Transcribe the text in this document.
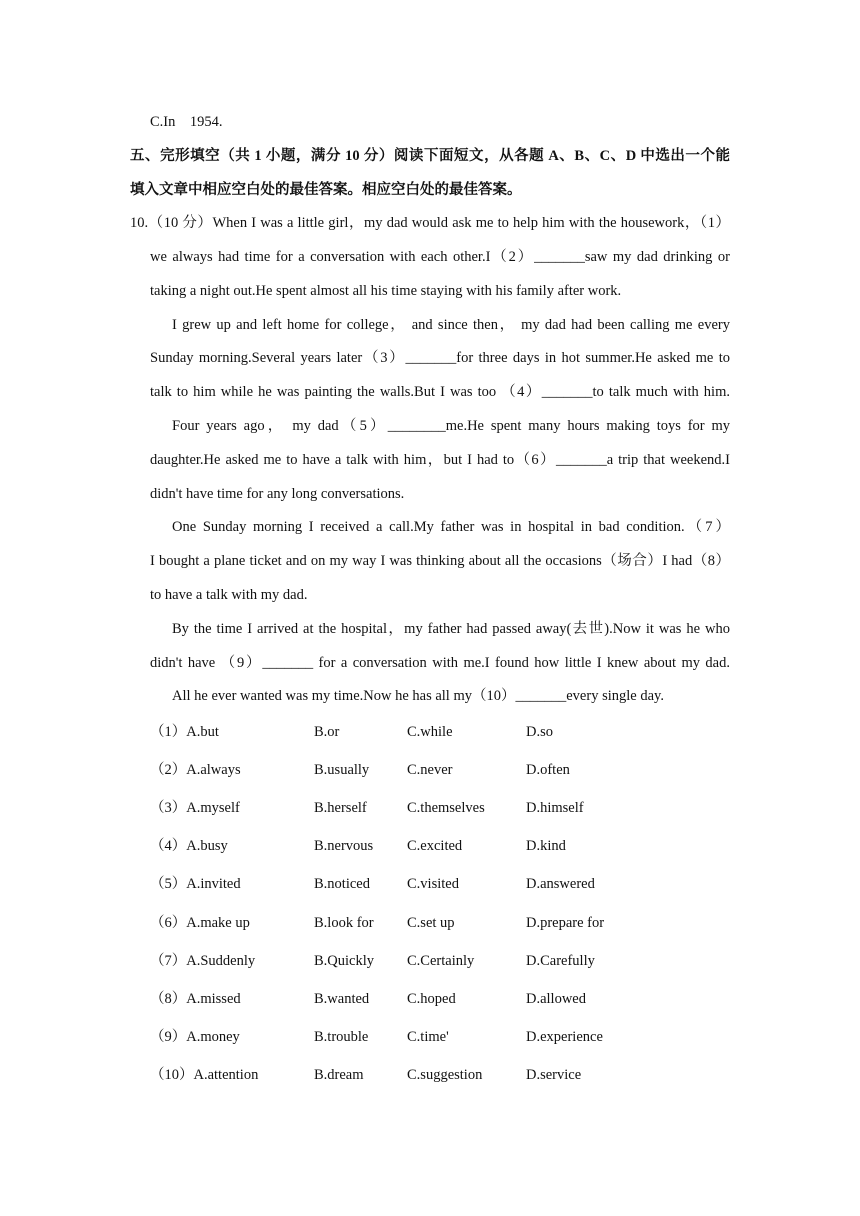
C.In    1954.
五、完形填空（共 1 小题，满分 10 分）阅读下面短文，从各题 A、B、C、D 中选出一个能
填入文章中相应空白处的最佳答案。相应空白处的最佳答案。
10.（10 分）When I was a little girl，my dad would ask me to help him with the housework，（1）
we always had time for a conversation with each other.I（2）_______saw my dad drinking or
taking a night out.He spent almost all his time staying with his family after work.
I grew up and left home for college， and since then， my dad had been calling me every
Sunday morning.Several years later（3）_______for three days in hot summer.He asked me to
talk to him while he was painting the walls.But I was too （4）_______to talk much with him.
Four years ago， my dad（5）________me.He spent many hours making toys for my
daughter.He asked me to have a talk with him，but I had to（6）_______a trip that weekend.I
didn't have time for any long conversations.
One Sunday morning I received a call.My father was in hospital in bad condition.（7）
I bought a plane ticket and on my way I was thinking about all the occasions（场合）I had（8）
to have a talk with my dad.
By the time I arrived at the hospital，my father had passed away(去世).Now it was he who
didn't have （9）_______ for a conversation with me.I found how little I knew about my dad.
All he ever wanted was my time.Now he has all my（10）_______every single day.
（1）A.but	B.or	C.while	D.so
（2）A.always	B.usually	C.never	D.often
（3）A.myself	B.herself	C.themselves	D.himself
（4）A.busy	B.nervous C.excited	D.kind
（5）A.invited	B.noticed	C.visited	D.answered
（6）A.make up	B.look for C.set up	D.prepare for
（7）A.Suddenly	B.Quickly C.Certainly	D.Carefully
（8）A.missed	B.wanted	C.hoped	D.allowed
（9）A.money	B.trouble	C.time'	D.experience
（10）A.attention	B.dream	C.suggestion	D.service
